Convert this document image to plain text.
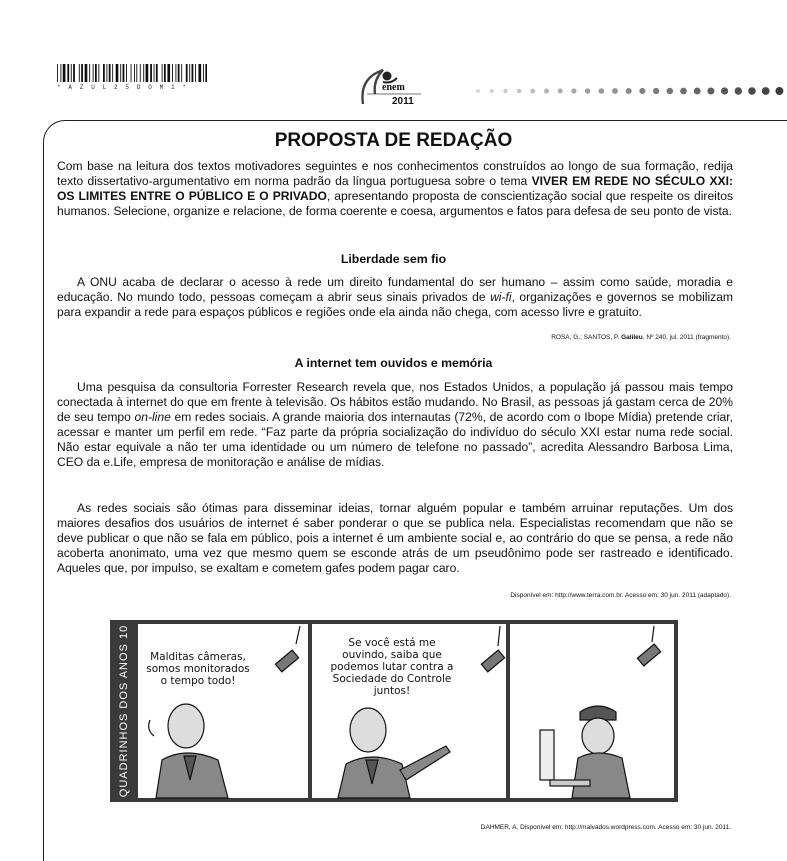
* A Z U L 2 5 D O M 1 *	enem
2011
PROPOSTA DE REDAÇÃO

Com base na leitura dos textos motivadores seguintes e nos conhecimentos construídos ao longo de sua formação, redija texto dissertativo-argumentativo em norma padrão da língua portuguesa sobre o tema VIVER EM REDE NO SÉCULO XXI: OS LIMITES ENTRE O PÚBLICO E O PRIVADO, apresentando proposta de conscientização social que respeite os direitos humanos. Selecione, organize e relacione, de forma coerente e coesa, argumentos e fatos para defesa de seu ponto de vista.

Liberdade sem fio

A ONU acaba de declarar o acesso à rede um direito fundamental do ser humano – assim como saúde, moradia e educação. No mundo todo, pessoas começam a abrir seus sinais privados de wi-fi, organizações e governos se mobilizam para expandir a rede para espaços públicos e regiões onde ela ainda não chega, com acesso livre e gratuito.

ROSA, G.; SANTOS, P. Galileu. Nº 240, jul. 2011 (fragmento).
A internet tem ouvidos e memória

Uma pesquisa da consultoria Forrester Research revela que, nos Estados Unidos, a população já passou mais tempo conectada à internet do que em frente à televisão. Os hábitos estão mudando. No Brasil, as pessoas já gastam cerca de 20% de seu tempo on-line em redes sociais. A grande maioria dos internautas (72%, de acordo com o Ibope Mídia) pretende criar, acessar e manter um perfil em rede. “Faz parte da própria socialização do indivíduo do século XXI estar numa rede social. Não estar equivale a não ter uma identidade ou um número de telefone no passado”, acredita Alessandro Barbosa Lima, CEO da e.Life, empresa de monitoração e análise de mídias.

As redes sociais são ótimas para disseminar ideias, tornar alguém popular e também arruinar reputações. Um dos maiores desafios dos usuários de internet é saber ponderar o que se publica nela. Especialistas recomendam que não se deve publicar o que não se fala em público, pois a internet é um ambiente social e, ao contrário do que se pensa, a rede não acoberta anonimato, uma vez que mesmo quem se esconde atrás de um pseudônimo pode ser rastreado e identificado. Aqueles que, por impulso, se exaltam e cometem gafes podem pagar caro.

Disponível em: http://www.terra.com.br. Acesso em: 30 jun. 2011 (adaptado).
QUADRINHOS DOS ANOS 10 Malditas câmeras,
somos monitorados
o tempo todo!
Se você está me
ouvindo, saiba que
podemos lutar contra a
Sociedade do Controle
juntos!
DAHMER, A. Disponível em: http://malvados.wordpress.com. Acesso em: 30 jun. 2011.
